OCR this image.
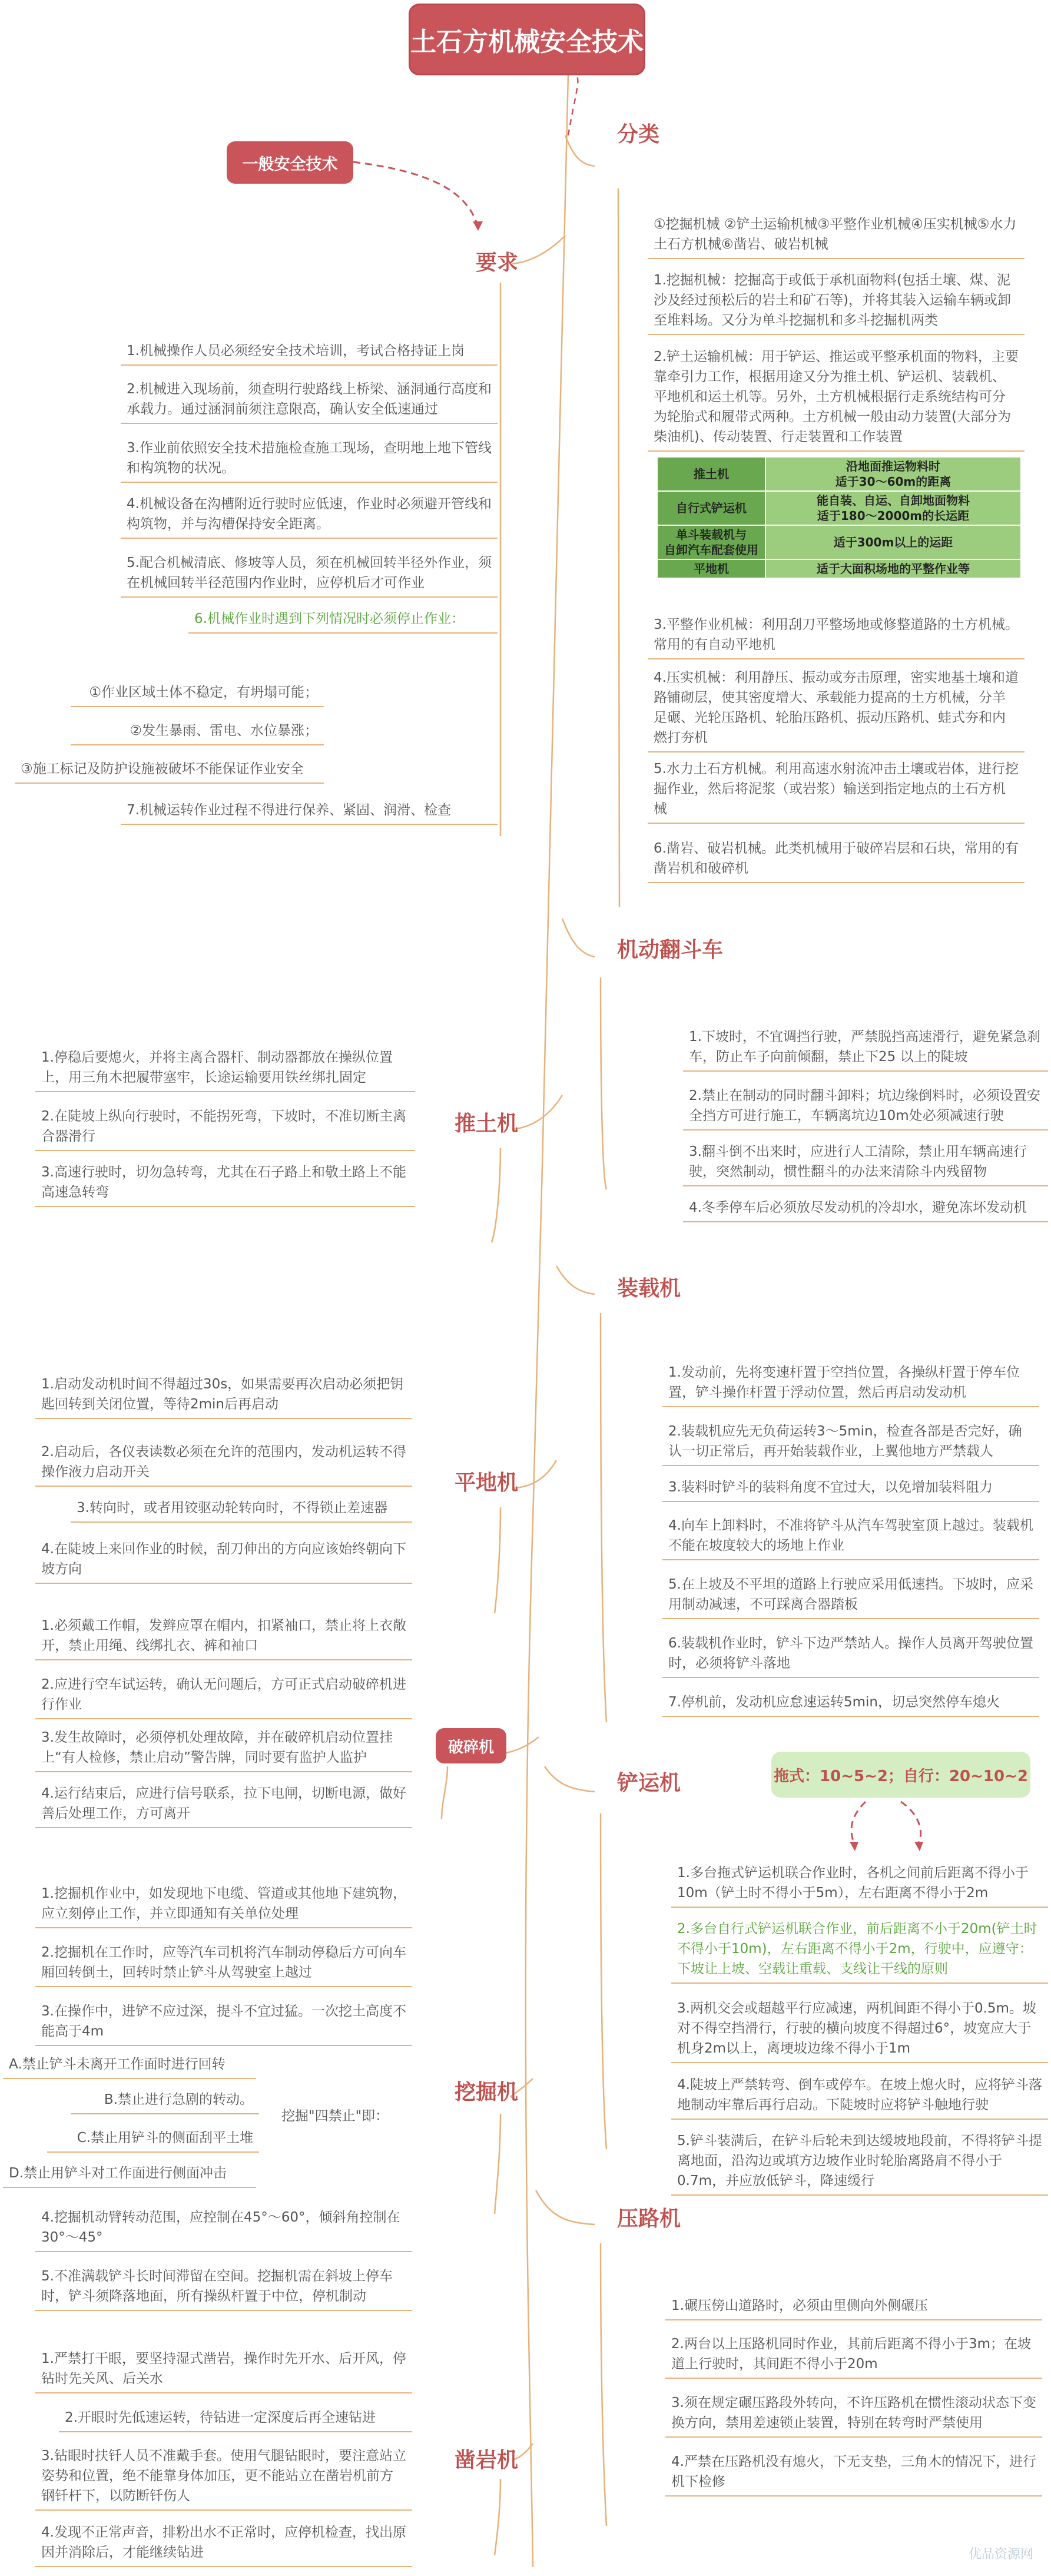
土石方机械安全技术
一般安全技术
要求
1.机械操作人员必须经安全技术培训，考试合格持证上岗
2.机械进入现场前，须查明行驶路线上桥梁、涵洞通行高度和承载力。通过涵洞前须注意限高，确认安全低速通过
3.作业前依照安全技术措施检查施工现场，查明地上地下管线和构筑物的状况。
4.机械设备在沟槽附近行驶时应低速，作业时必须避开管线和构筑物，并与沟槽保持安全距离。
5.配合机械清底、修坡等人员，须在机械回转半径外作业，须在机械回转半径范围内作业时，应停机后才可作业
6.机械作业时遇到下列情况时必须停止作业：
①作业区域土体不稳定，有坍塌可能；
②发生暴雨、雷电、水位暴涨；
③施工标记及防护设施被破坏不能保证作业安全
7.机械运转作业过程不得进行保养、紧固、润滑、检查
分类
①挖掘机械 ②铲土运输机械③平整作业机械④压实机械⑤水力土石方机械⑥凿岩、破岩机械
1.挖掘机械：挖掘高于或低于承机面物料(包括土壤、煤、泥沙及经过预松后的岩土和矿石等)，并将其装入运输车辆或卸至堆料场。又分为单斗挖掘机和多斗挖掘机两类
2.铲土运输机械：用于铲运、推运或平整承机面的物料，主要靠牵引力工作，根据用途又分为推土机、铲运机、装载机、平地机和运土机等。另外，土方机械根据行走系统结构可分为轮胎式和履带式两种。土方机械一般由动力装置(大部分为柴油机)、传动装置、行走装置和工作装置
推土机	沿地面推运物料时
适于30～60m的距离
自行式铲运机	能自装、自运、自卸地面物料
适于180～2000m的长运距
单斗装载机与
自卸汽车配套使用	适于300m以上的运距
平地机	适于大面积场地的平整作业等
3.平整作业机械：利用刮刀平整场地或修整道路的土方机械。常用的有自动平地机
4.压实机械：利用静压、振动或夯击原理，密实地基土壤和道路铺砌层，使其密度增大、承载能力提高的土方机械，分羊足碾、光轮压路机、轮胎压路机、振动压路机、蛙式夯和内燃打夯机
5.水力土石方机械。利用高速水射流冲击土壤或岩体，进行挖掘作业，然后将泥浆（或岩浆）输送到指定地点的土石方机械
6.凿岩、破岩机械。此类机械用于破碎岩层和石块，常用的有凿岩机和破碎机
机动翻斗车
1.下坡时，不宜调挡行驶，严禁脱挡高速滑行，避免紧急刹车，防止车子向前倾翻，禁止下25 以上的陡坡
2.禁止在制动的同时翻斗卸料；坑边缘倒料时，必须设置安全挡方可进行施工，车辆离坑边10m处必须减速行驶
3.翻斗倒不出来时，应进行人工清除，禁止用车辆高速行驶，突然制动，惯性翻斗的办法来清除斗内残留物
4.冬季停车后必须放尽发动机的冷却水，避免冻坏发动机
推土机
1.停稳后要熄火，并将主离合器杆、制动器都放在操纵位置上，用三角木把履带塞牢，长途运输要用铁丝绑扎固定
2.在陡坡上纵向行驶时，不能拐死弯，下坡时，不准切断主离合器滑行
3.高速行驶时，切勿急转弯，尤其在石子路上和敬土路上不能高速急转弯
装载机
1.发动前，先将变速杆置于空挡位置，各操纵杆置于停车位置，铲斗操作杆置于浮动位置，然后再启动发动机
2.装载机应先无负荷运转3～5min，检查各部是否完好，确认一切正常后，再开始装载作业，上翼他地方严禁载人
3.装料时铲斗的装料角度不宜过大，以免增加装料阻力
4.向车上卸料时，不准将铲斗从汽车驾驶室顶上越过。装载机不能在坡度较大的场地上作业
5.在上坡及不平坦的道路上行驶应采用低速挡。下坡时，应采用制动减速，不可踩离合器踏板
6.装载机作业时，铲斗下边严禁站人。操作人员离开驾驶位置时，必须将铲斗落地
7.停机前，发动机应怠速运转5min，切忌突然停车熄火
平地机
1.启动发动机时间不得超过30s，如果需要再次启动必须把钥匙回转到关闭位置，等待2min后再启动
2.启动后，各仪表读数必须在允许的范围内，发动机运转不得操作液力启动开关
3.转向时，或者用铰驱动轮转向时，不得锁止差速器
4.在陡坡上来回作业的时候，刮刀伸出的方向应该始终朝向下坡方向
破碎机
1.必须戴工作帽，发辫应罩在帽内，扣紧袖口，禁止将上衣敞开，禁止用绳、线绑扎衣、裤和袖口
2.应进行空车试运转，确认无问题后，方可正式启动破碎机进行作业
3.发生故障时，必须停机处理故障，并在破碎机启动位置挂上“有人检修，禁止启动”警告牌，同时要有监护人监护
4.运行结束后，应进行信号联系，拉下电闸，切断电源，做好善后处理工作，方可离开
铲运机	拖式：10~5~2；自行：20~10~2
1.多台拖式铲运机联合作业时，各机之间前后距离不得小于10m（铲土时不得小于5m），左右距离不得小于2m
2.多台自行式铲运机联合作业，前后距离不小于20m(铲土时不得小于10m)，左右距离不得小于2m，行驶中，应遵守：下坡让上坡、空载让重载、支线让干线的原则
3.两机交会或超越平行应减速，两机间距不得小于0.5m。坡对不得空挡滑行，行驶的横向坡度不得超过6°，坡宽应大于机身2m以上，离埂坡边缘不得小于1m
4.陡坡上严禁转弯、倒车或停车。在坡上熄火时，应将铲斗落地制动牢靠后再行启动。下陡坡时应将铲斗触地行驶
5.铲斗装满后，在铲斗后轮未到达缓坡地段前，不得将铲斗提离地面，沿沟边或填方边坡作业时轮胎离路肩不得小于0.7m，并应放低铲斗，降速缓行
挖掘机
1.挖掘机作业中，如发现地下电缆、管道或其他地下建筑物，应立刻停止工作，并立即通知有关单位处理
2.挖掘机在工作时，应等汽车司机将汽车制动停稳后方可向车厢回转倒土，回转时禁止铲斗从驾驶室上越过
3.在操作中，进铲不应过深，提斗不宜过猛。一次挖土高度不能高于4m
挖掘"四禁止"即：
A.禁止铲斗未离开工作面时进行回转
B.禁止进行急剧的转动。
C.禁止用铲斗的侧面刮平土堆
D.禁止用铲斗对工作面进行侧面冲击
4.挖掘机动臂转动范围，应控制在45°～60°，倾斜角控制在30°～45°
5.不准满载铲斗长时间滞留在空间。挖掘机需在斜坡上停车时，铲斗须降落地面，所有操纵杆置于中位，停机制动
压路机
1.碾压傍山道路时，必须由里侧向外侧碾压
2.两台以上压路机同时作业，其前后距离不得小于3m；在坡道上行驶时，其间距不得小于20m
3.须在规定碾压路段外转向，不许压路机在惯性滚动状态下变换方向，禁用差速锁止装置，特别在转弯时严禁使用
4.严禁在压路机没有熄火，下无支垫，三角木的情况下，进行机下检修
凿岩机
1.严禁打干眼，要坚持湿式凿岩，操作时先开水、后开风，停钻时先关风、后关水
2.开眼时先低速运转，待钻进一定深度后再全速钻进
3.钻眼时扶钎人员不准戴手套。使用气腿钻眼时，要注意站立姿势和位置，绝不能靠身体加压，更不能站立在凿岩机前方钢钎杆下，以防断钎伤人
4.发现不正常声音，排粉出水不正常时，应停机检查，找出原因并消除后，才能继续钻进	优品资源网
